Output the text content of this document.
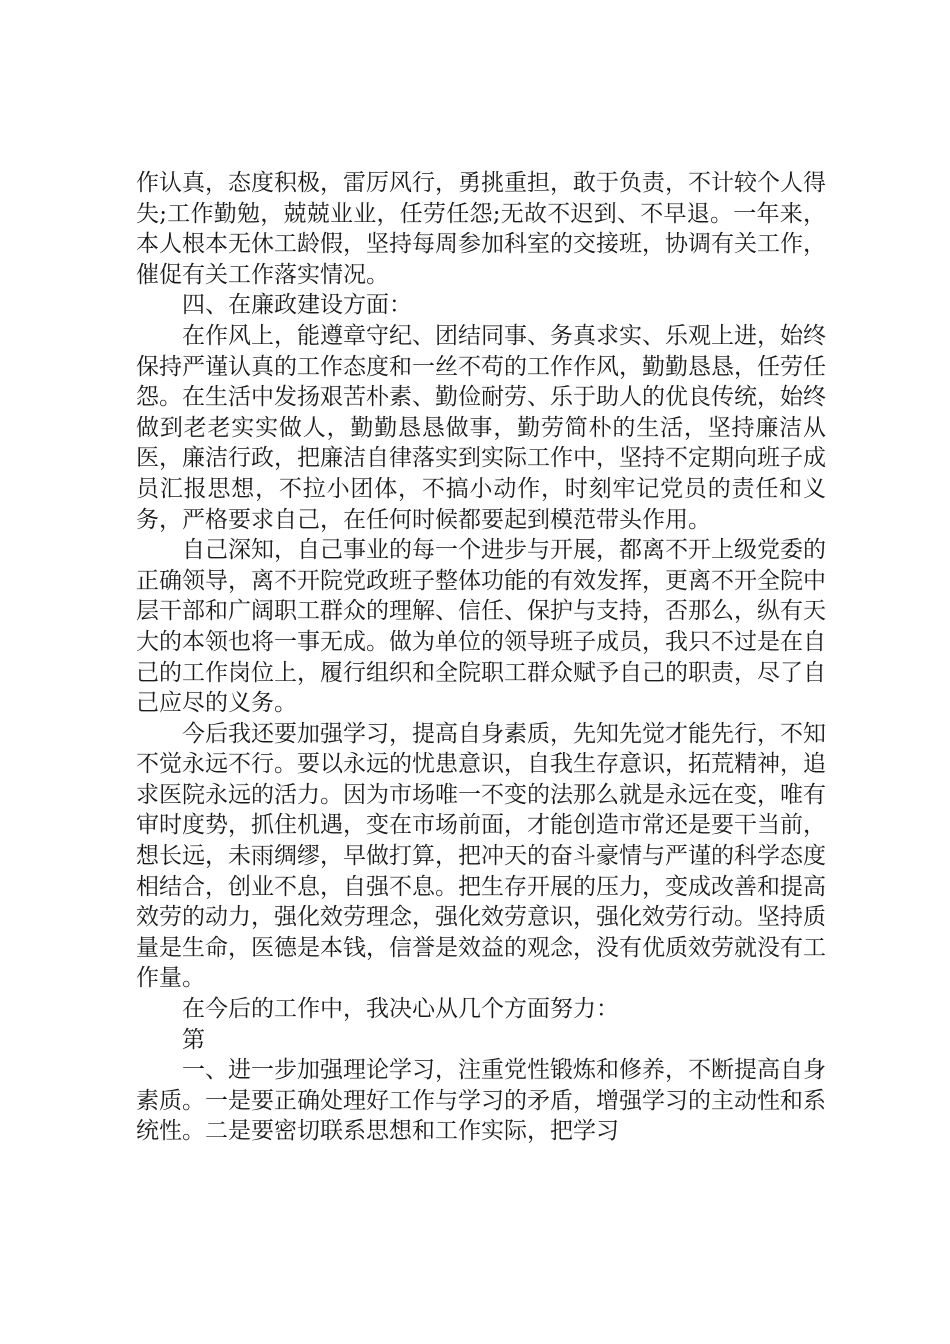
作认真，态度积极，雷厉风行，勇挑重担，敢于负责，不计较个人得失;工作勤勉，兢兢业业，任劳任怨;无故不迟到、不早退。一年来，本人根本无休工龄假，坚持每周参加科室的交接班，协调有关工作，催促有关工作落实情况。

四、在廉政建设方面：

在作风上，能遵章守纪、团结同事、务真求实、乐观上进，始终保持严谨认真的工作态度和一丝不苟的工作作风，勤勤恳恳，任劳任怨。在生活中发扬艰苦朴素、勤俭耐劳、乐于助人的优良传统，始终做到老老实实做人，勤勤恳恳做事，勤劳简朴的生活，坚持廉洁从医，廉洁行政，把廉洁自律落实到实际工作中，坚持不定期向班子成员汇报思想，不拉小团体，不搞小动作，时刻牢记党员的责任和义务，严格要求自己，在任何时候都要起到模范带头作用。

自己深知，自己事业的每一个进步与开展，都离不开上级党委的正确领导，离不开院党政班子整体功能的有效发挥，更离不开全院中层干部和广阔职工群众的理解、信任、保护与支持，否那么，纵有天大的本领也将一事无成。做为单位的领导班子成员，我只不过是在自己的工作岗位上，履行组织和全院职工群众赋予自己的职责，尽了自己应尽的义务。

今后我还要加强学习，提高自身素质，先知先觉才能先行，不知不觉永远不行。要以永远的忧患意识，自我生存意识，拓荒精神，追求医院永远的活力。因为市场唯一不变的法那么就是永远在变，唯有审时度势，抓住机遇，变在市场前面，才能创造市常还是要干当前，想长远，未雨绸缪，早做打算，把冲天的奋斗豪情与严谨的科学态度相结合，创业不息，自强不息。把生存开展的压力，变成改善和提高效劳的动力，强化效劳理念，强化效劳意识，强化效劳行动。坚持质量是生命，医德是本钱，信誉是效益的观念，没有优质效劳就没有工作量。

在今后的工作中，我决心从几个方面努力：

第

一、进一步加强理论学习，注重党性锻炼和修养，不断提高自身素质。一是要正确处理好工作与学习的矛盾，增强学习的主动性和系统性。二是要密切联系思想和工作实际，把学习
